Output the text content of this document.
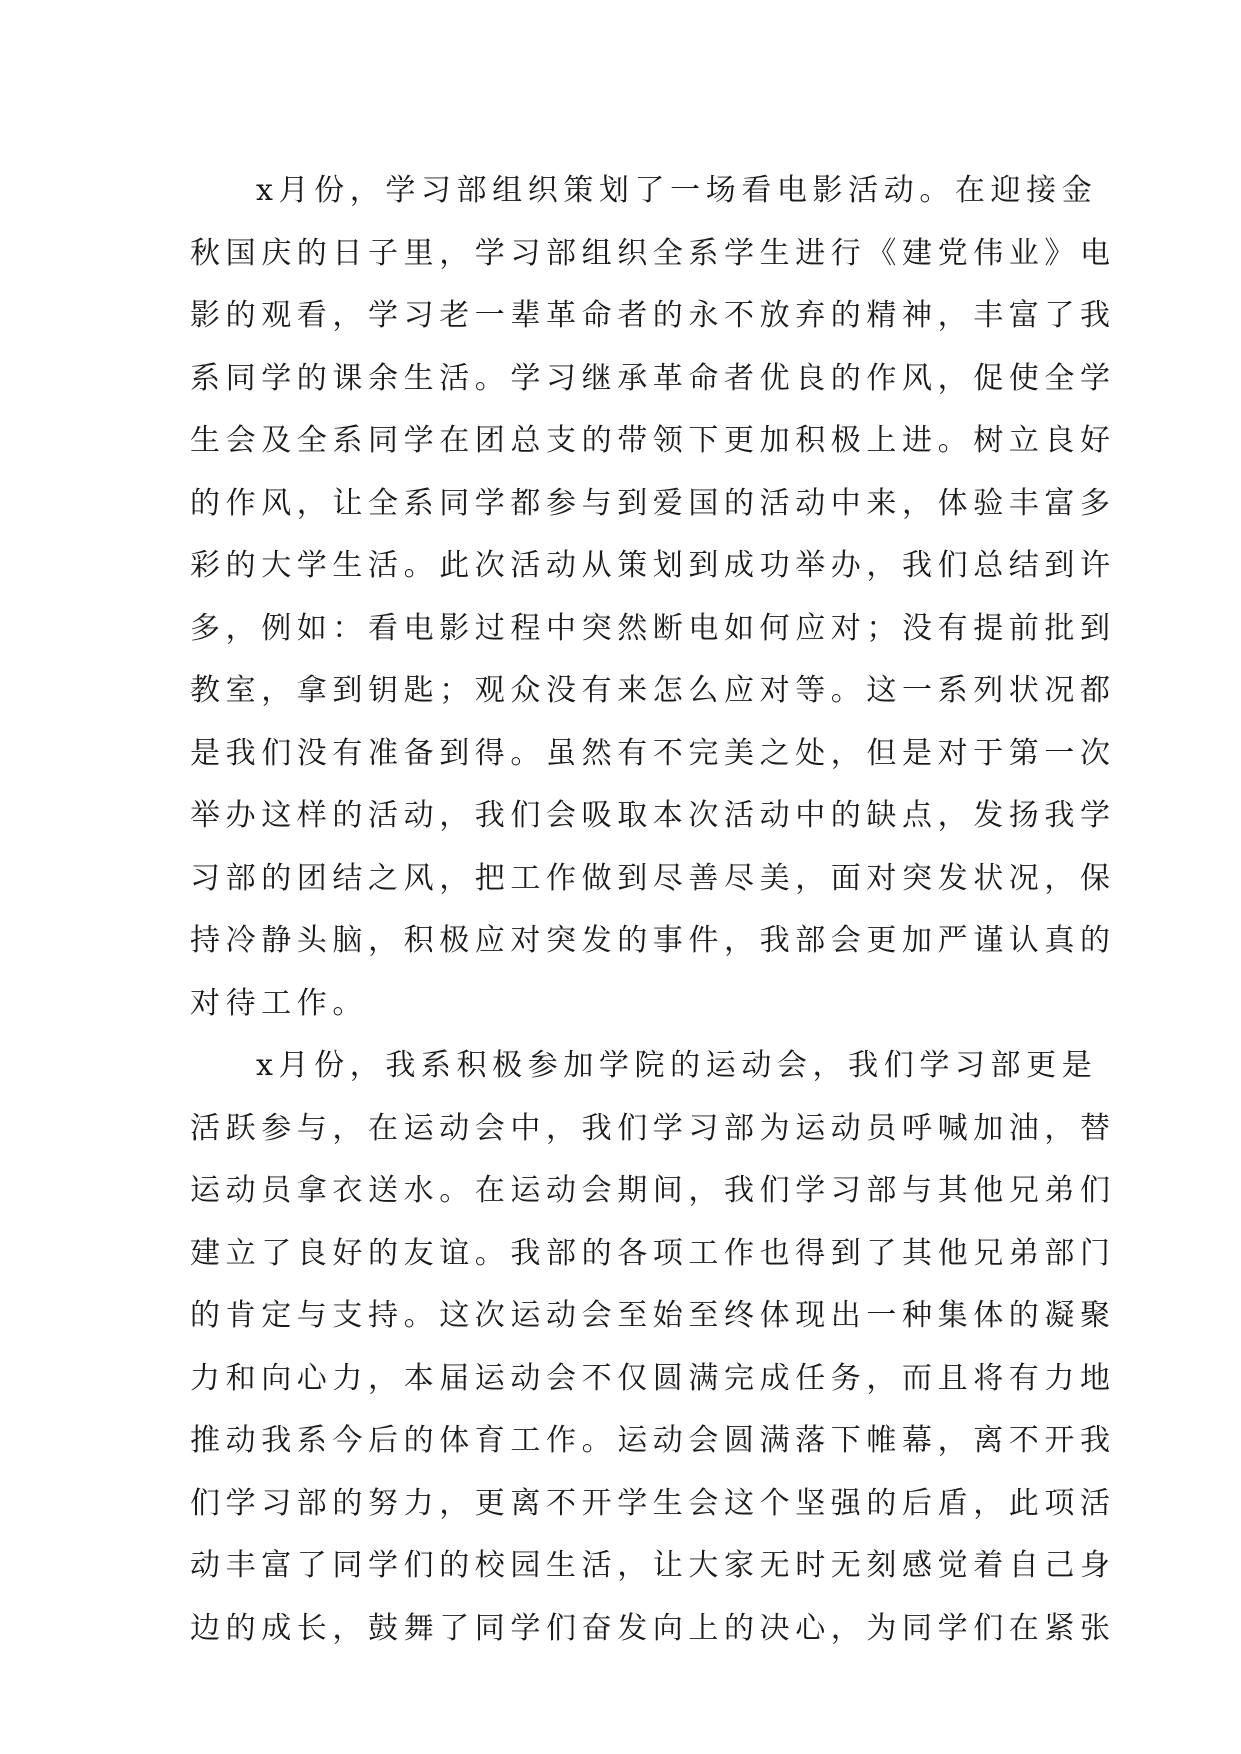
x月份，学习部组织策划了一场看电影活动。在迎接金
秋国庆的日子里，学习部组织全系学生进行《建党伟业》电
影的观看，学习老一辈革命者的永不放弃的精神，丰富了我
系同学的课余生活。学习继承革命者优良的作风，促使全学
生会及全系同学在团总支的带领下更加积极上进。树立良好
的作风，让全系同学都参与到爱国的活动中来，体验丰富多
彩的大学生活。此次活动从策划到成功举办，我们总结到许
多，例如：看电影过程中突然断电如何应对；没有提前批到
教室，拿到钥匙；观众没有来怎么应对等。这一系列状况都
是我们没有准备到得。虽然有不完美之处，但是对于第一次
举办这样的活动，我们会吸取本次活动中的缺点，发扬我学
习部的团结之风，把工作做到尽善尽美，面对突发状况，保
持冷静头脑，积极应对突发的事件，我部会更加严谨认真的
对待工作。
x月份，我系积极参加学院的运动会，我们学习部更是
活跃参与，在运动会中，我们学习部为运动员呼喊加油，替
运动员拿衣送水。在运动会期间，我们学习部与其他兄弟们
建立了良好的友谊。我部的各项工作也得到了其他兄弟部门
的肯定与支持。这次运动会至始至终体现出一种集体的凝聚
力和向心力，本届运动会不仅圆满完成任务，而且将有力地
推动我系今后的体育工作。运动会圆满落下帷幕，离不开我
们学习部的努力，更离不开学生会这个坚强的后盾，此项活
动丰富了同学们的校园生活，让大家无时无刻感觉着自己身
边的成长，鼓舞了同学们奋发向上的决心，为同学们在紧张
